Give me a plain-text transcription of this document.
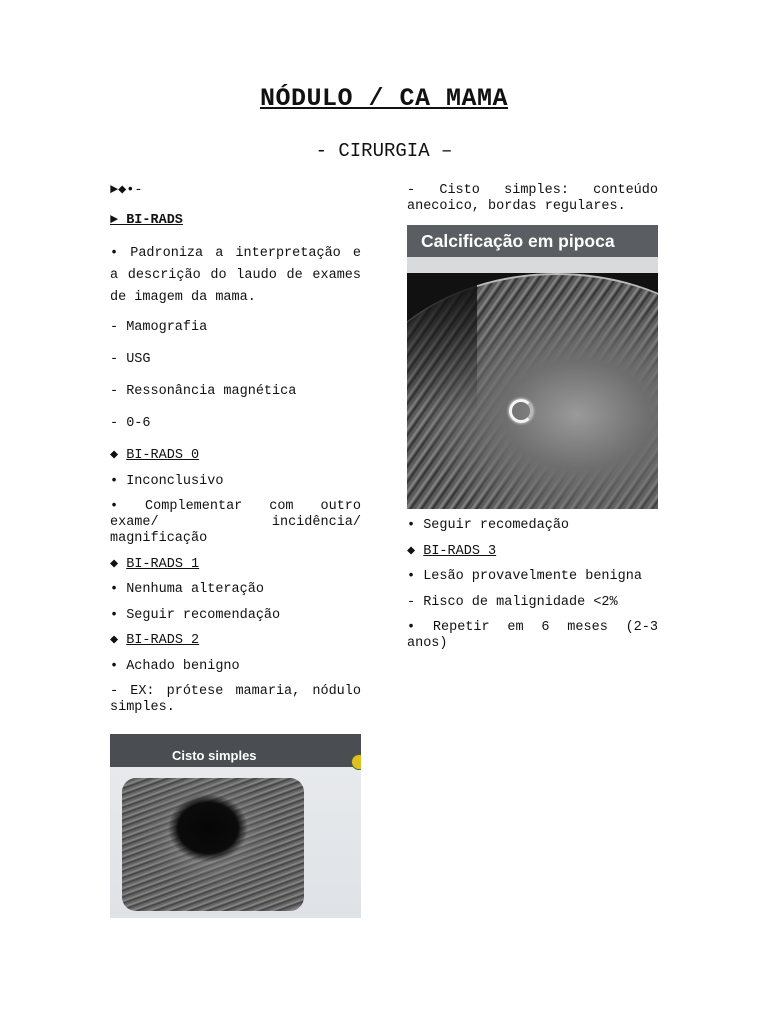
NÓDULO / CA MAMA
- CIRURGIA –
►◆•-
► BI-RADS
• Padroniza a interpretação e a descrição do laudo de exames de imagem da mama.
- Mamografia
- USG
- Ressonância magnética
- 0-6
◆ BI-RADS 0
• Inconclusivo
• Complementar com outro exame/ incidência/ magnificação
◆ BI-RADS 1
• Nenhuma alteração
• Seguir recomendação
◆ BI-RADS 2
• Achado benigno
- EX: prótese mamaria, nódulo simples.
Cisto simples
- Cisto simples: conteúdo anecoico, bordas regulares.
Calcificação em pipoca
• Seguir recomedação
◆ BI-RADS 3
• Lesão provavelmente benigna
- Risco de malignidade <2%
• Repetir em 6 meses (2-3 anos)
